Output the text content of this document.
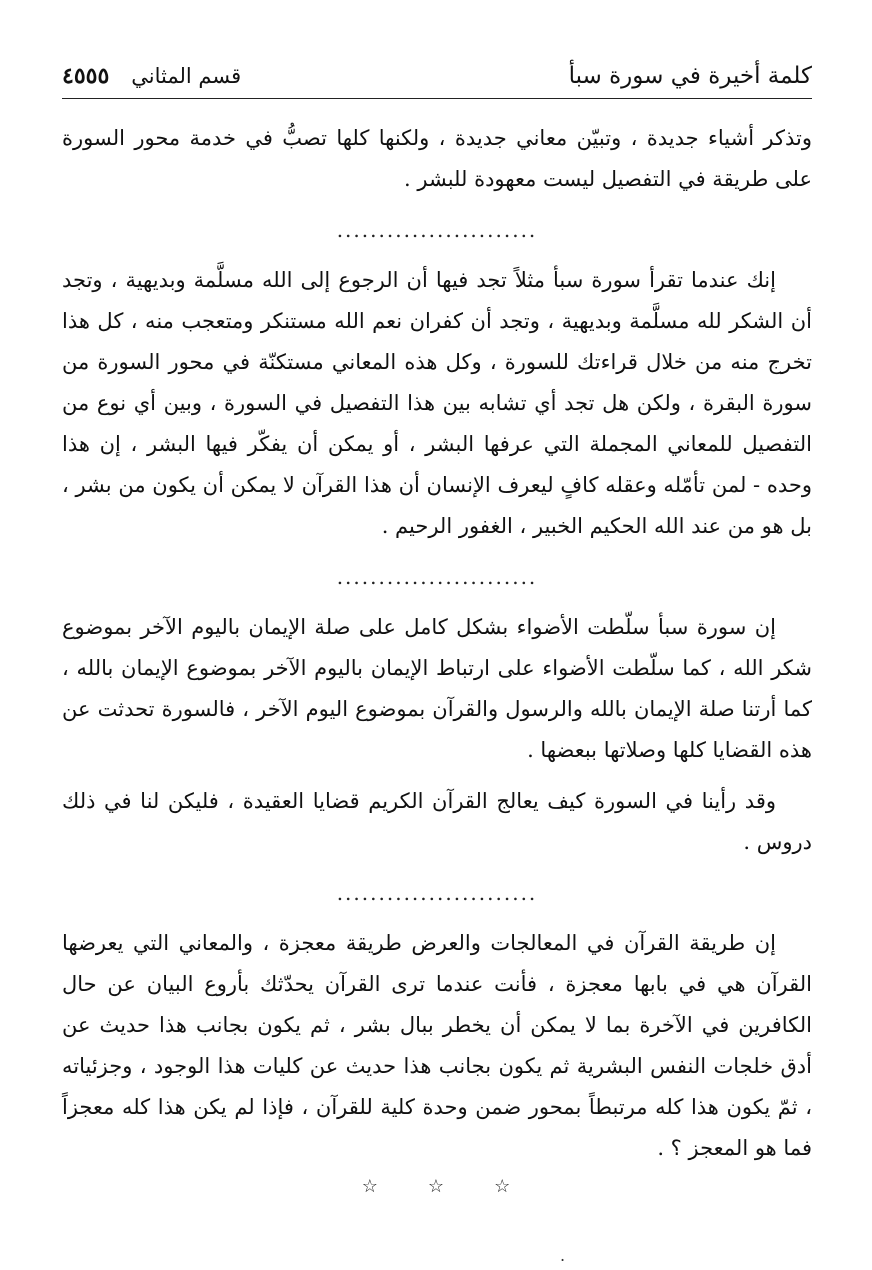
كلمة أخيرة في سورة سبأ
قسم المثاني
٤٥٥٥

وتذكر أشياء جديدة ، وتبيّن معاني جديدة ، ولكنها كلها تصبُّ في خدمة محور السورة على طريقة في التفصيل ليست معهودة للبشر .

........................

إنك عندما تقرأ سورة سبأ مثلاً تجد فيها أن الرجوع إلى الله مسلَّمة وبديهية ، وتجد أن الشكر لله مسلَّمة وبديهية ، وتجد أن كفران نعم الله مستنكر ومتعجب منه ، كل هذا تخرج منه من خلال قراءتك للسورة ، وكل هذه المعاني مستكنّة في محور السورة من سورة البقرة ، ولكن هل تجد أي تشابه بين هذا التفصيل في السورة ، وبين أي نوع من التفصيل للمعاني المجملة التي عرفها البشر ، أو يمكن أن يفكّر فيها البشر ، إن هذا وحده - لمن تأمّله وعقله كافٍ ليعرف الإنسان أن هذا القرآن لا يمكن أن يكون من بشر ، بل هو من عند الله الحكيم الخبير ، الغفور الرحيم .

........................

إن سورة سبأ سلّطت الأضواء بشكل كامل على صلة الإيمان باليوم الآخر بموضوع شكر الله ، كما سلّطت الأضواء على ارتباط الإيمان باليوم الآخر بموضوع الإيمان بالله ، كما أرتنا صلة الإيمان بالله والرسول والقرآن بموضوع اليوم الآخر ، فالسورة تحدثت عن هذه القضايا كلها وصلاتها ببعضها .

وقد رأينا في السورة كيف يعالج القرآن الكريم قضايا العقيدة ، فليكن لنا في ذلك دروس .

........................

إن طريقة القرآن في المعالجات والعرض طريقة معجزة ، والمعاني التي يعرضها القرآن هي في بابها معجزة ، فأنت عندما ترى القرآن يحدّثك بأروع البيان عن حال الكافرين في الآخرة بما لا يمكن أن يخطر ببال بشر ، ثم يكون بجانب هذا حديث عن أدق خلجات النفس البشرية ثم يكون بجانب هذا حديث عن كليات هذا الوجود ، وجزئياته ، ثمّ يكون هذا كله مرتبطاً بمحور ضمن وحدة كلية للقرآن ، فإذا لم يكن هذا كله معجزاً فما هو المعجز ؟ .

☆	☆	☆
.
